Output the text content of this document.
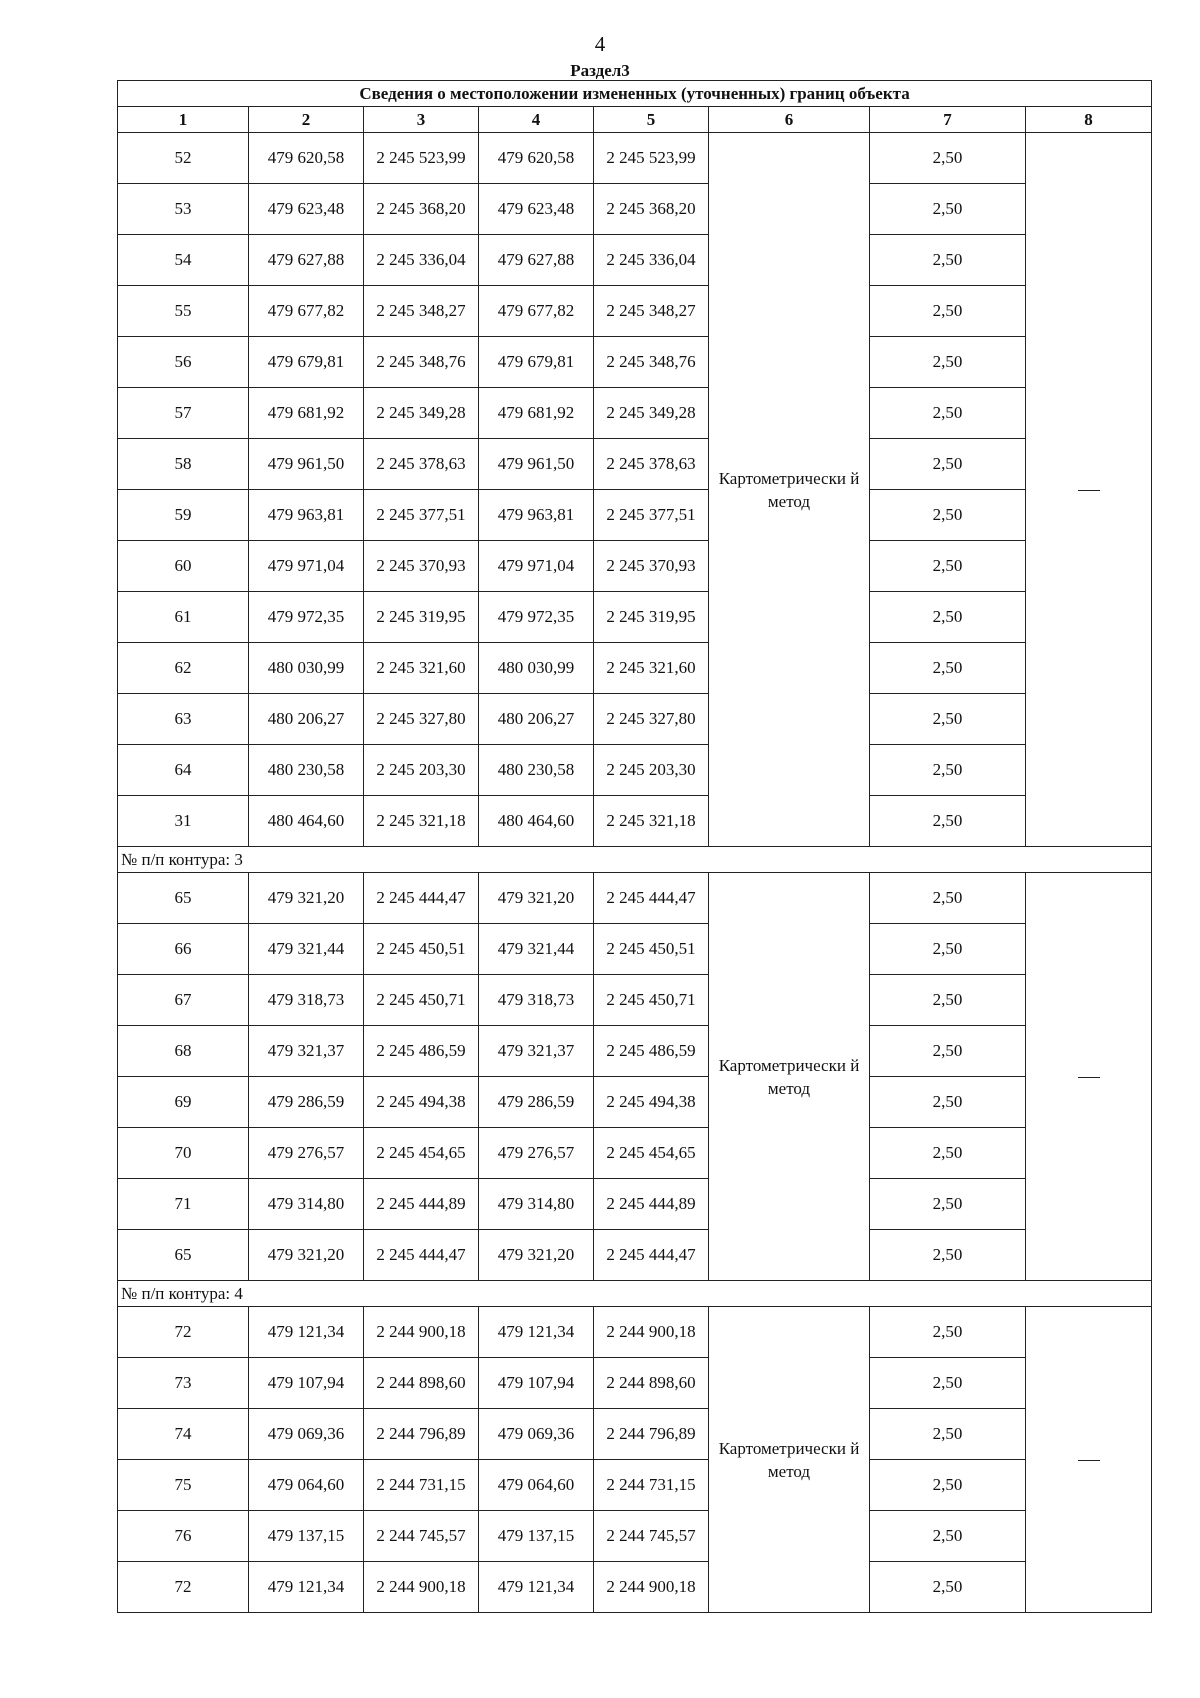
4
Раздел3
Сведения о местоположении измененных (уточненных) границ объекта							
1	2	3	4	5	6	7	8
52	479 620,58	2 245 523,99	479 620,58	2 245 523,99	Картометрически й метод	2,50	
53	479 623,48	2 245 368,20	479 623,48	2 245 368,20		2,50	
54	479 627,88	2 245 336,04	479 627,88	2 245 336,04		2,50	
55	479 677,82	2 245 348,27	479 677,82	2 245 348,27		2,50	
56	479 679,81	2 245 348,76	479 679,81	2 245 348,76		2,50	
57	479 681,92	2 245 349,28	479 681,92	2 245 349,28		2,50	
58	479 961,50	2 245 378,63	479 961,50	2 245 378,63		2,50	
59	479 963,81	2 245 377,51	479 963,81	2 245 377,51		2,50	
60	479 971,04	2 245 370,93	479 971,04	2 245 370,93		2,50	
61	479 972,35	2 245 319,95	479 972,35	2 245 319,95		2,50	
62	480 030,99	2 245 321,60	480 030,99	2 245 321,60		2,50	
63	480 206,27	2 245 327,80	480 206,27	2 245 327,80		2,50	
64	480 230,58	2 245 203,30	480 230,58	2 245 203,30		2,50	
31	480 464,60	2 245 321,18	480 464,60	2 245 321,18		2,50	
№ п/п контура: 3							
65	479 321,20	2 245 444,47	479 321,20	2 245 444,47	Картометрически й метод	2,50	
66	479 321,44	2 245 450,51	479 321,44	2 245 450,51		2,50	
67	479 318,73	2 245 450,71	479 318,73	2 245 450,71		2,50	
68	479 321,37	2 245 486,59	479 321,37	2 245 486,59		2,50	
69	479 286,59	2 245 494,38	479 286,59	2 245 494,38		2,50	
70	479 276,57	2 245 454,65	479 276,57	2 245 454,65		2,50	
71	479 314,80	2 245 444,89	479 314,80	2 245 444,89		2,50	
65	479 321,20	2 245 444,47	479 321,20	2 245 444,47		2,50	
№ п/п контура: 4							
72	479 121,34	2 244 900,18	479 121,34	2 244 900,18	Картометрически й метод	2,50	
73	479 107,94	2 244 898,60	479 107,94	2 244 898,60		2,50	
74	479 069,36	2 244 796,89	479 069,36	2 244 796,89		2,50	
75	479 064,60	2 244 731,15	479 064,60	2 244 731,15		2,50	
76	479 137,15	2 244 745,57	479 137,15	2 244 745,57		2,50	
72	479 121,34	2 244 900,18	479 121,34	2 244 900,18		2,50	
